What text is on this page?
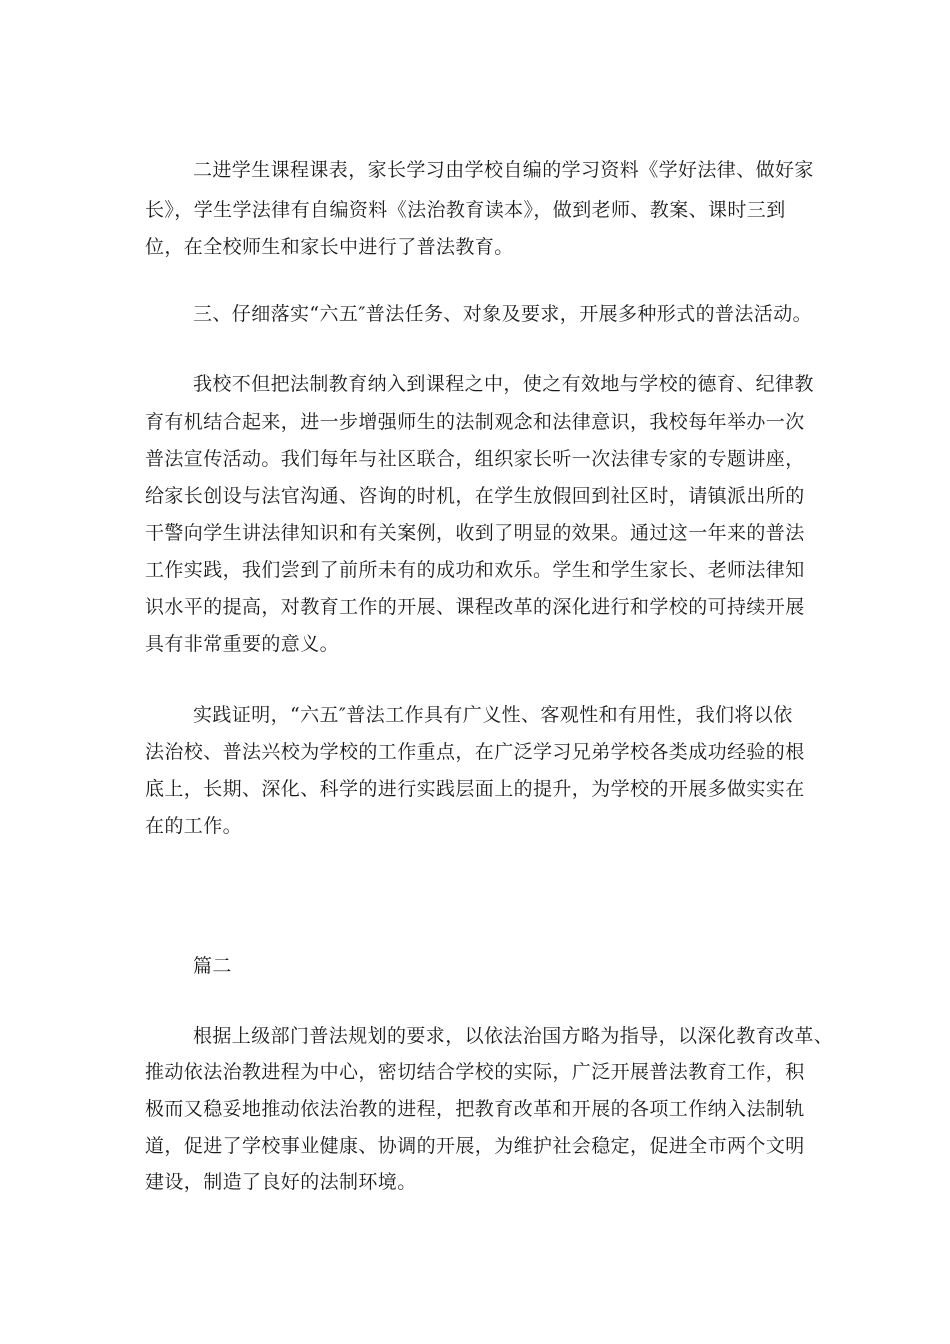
二进学生课程课表，家长学习由学校自编的学习资料《学好法律、做好家
长》，学生学法律有自编资料《法治教育读本》，做到老师、教案、课时三到
位，在全校师生和家长中进行了普法教育。
三、仔细落实“六五″普法任务、对象及要求，开展多种形式的普法活动。
我校不但把法制教育纳入到课程之中，使之有效地与学校的德育、纪律教
育有机结合起来，进一步增强师生的法制观念和法律意识，我校每年举办一次
普法宣传活动。我们每年与社区联合，组织家长听一次法律专家的专题讲座，
给家长创设与法官沟通、咨询的时机，在学生放假回到社区时，请镇派出所的
干警向学生讲法律知识和有关案例，收到了明显的效果。通过这一年来的普法
工作实践，我们尝到了前所未有的成功和欢乐。学生和学生家长、老师法律知
识水平的提高，对教育工作的开展、课程改革的深化进行和学校的可持续开展
具有非常重要的意义。
实践证明，“六五″普法工作具有广义性、客观性和有用性，我们将以依
法治校、普法兴校为学校的工作重点，在广泛学习兄弟学校各类成功经验的根
底上，长期、深化、科学的进行实践层面上的提升，为学校的开展多做实实在
在的工作。
篇二
根据上级部门普法规划的要求，以依法治国方略为指导，以深化教育改革、
推动依法治教进程为中心，密切结合学校的实际，广泛开展普法教育工作，积
极而又稳妥地推动依法治教的进程，把教育改革和开展的各项工作纳入法制轨
道，促进了学校事业健康、协调的开展，为维护社会稳定，促进全市两个文明
建设，制造了良好的法制环境。
